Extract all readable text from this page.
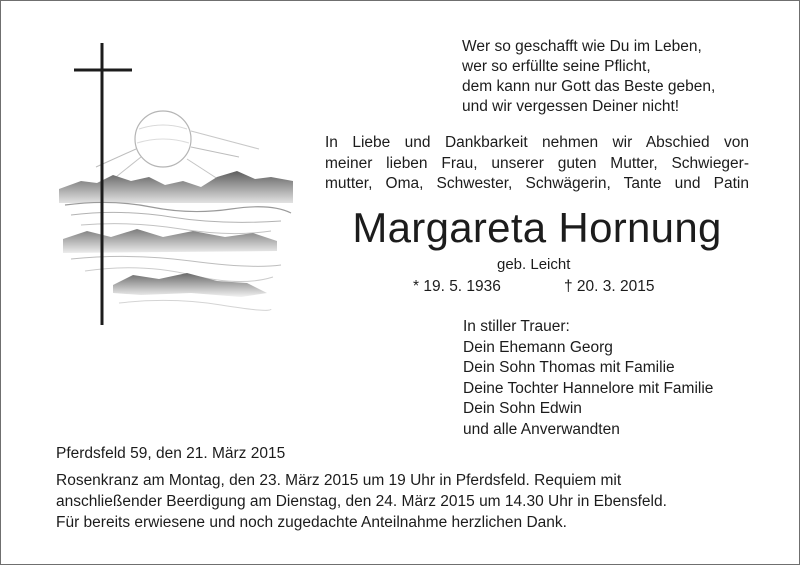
Wer so geschafft wie Du im Leben,
wer so erfüllte seine Pflicht,
dem kann nur Gott das Beste geben,
und wir vergessen Deiner nicht!
In Liebe und Dankbarkeit nehmen wir Abschied von
meiner lieben Frau, unserer guten Mutter, Schwieger-
mutter, Oma, Schwester, Schwägerin, Tante und Patin
Margareta Hornung
geb. Leicht
* 19. 5. 1936	† 20. 3. 2015
In stiller Trauer:
Dein Ehemann Georg
Dein Sohn Thomas mit Familie
Deine Tochter Hannelore mit Familie
Dein Sohn Edwin
und alle Anverwandten
Pferdsfeld 59, den 21. März 2015
Rosenkranz am Montag, den 23. März 2015 um 19 Uhr in Pferdsfeld. Requiem mit
anschließender Beerdigung am Dienstag, den 24. März 2015 um 14.30 Uhr in Ebensfeld.
Für bereits erwiesene und noch zugedachte Anteilnahme herzlichen Dank.
